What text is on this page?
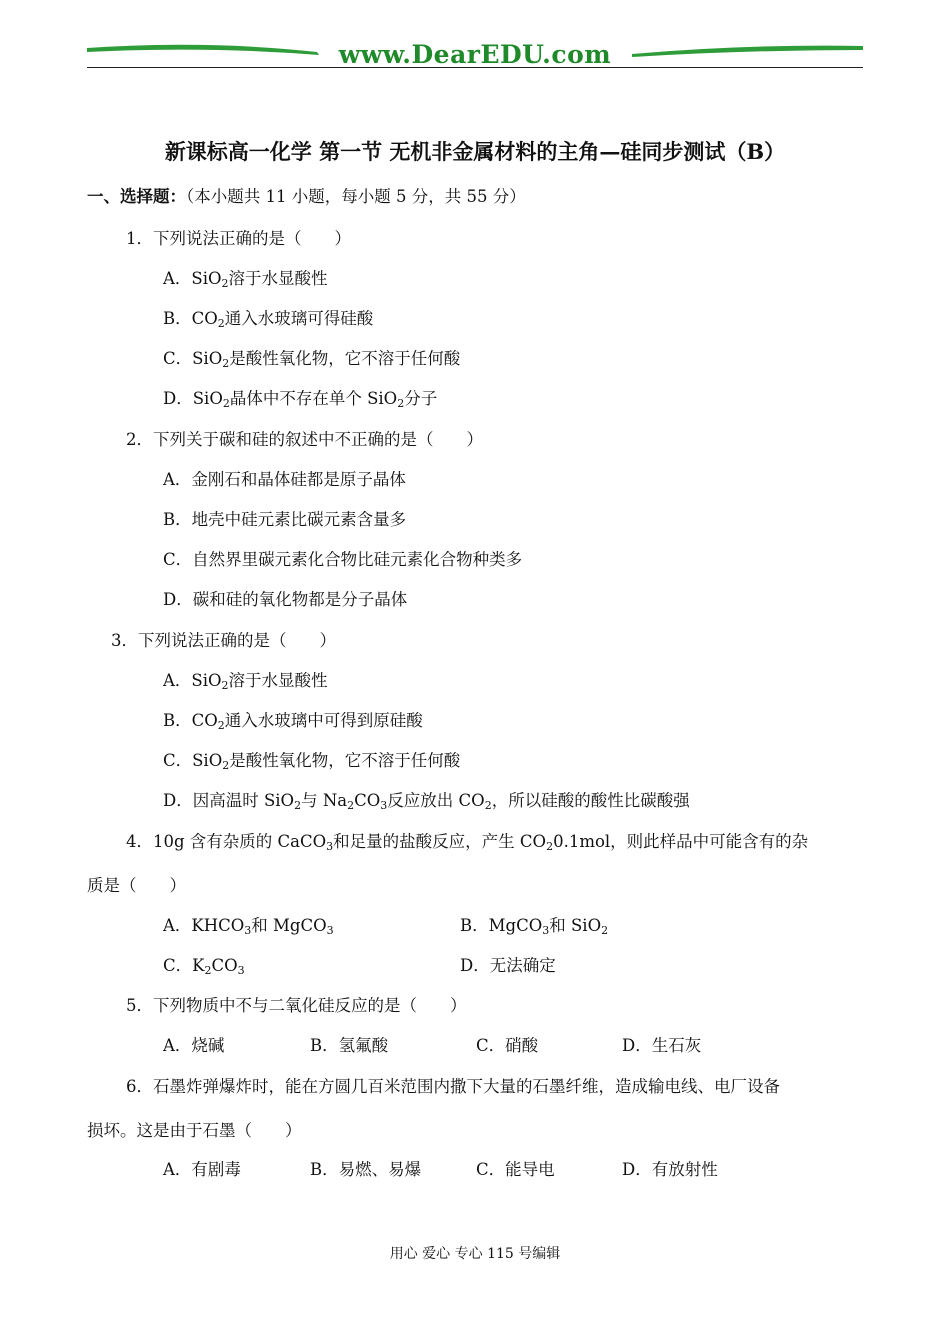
www.DearEDU.com
新课标高一化学 第一节 无机非金属材料的主角—硅同步测试（B）
一、选择题：（本小题共 11 小题，每小题 5 分，共 55 分）
1．下列说法正确的是（　　）
A．SiO$_2$溶于水显酸性
B．$CO_2$通入水玻璃可得硅酸
C．SiO$_2$是酸性氧化物，它不溶于任何酸
D．SiO$_2$晶体中不存在单个 SiO$_2$分子
2．下列关于碳和硅的叙述中不正确的是（　　）
A．金刚石和晶体硅都是原子晶体
B．地壳中硅元素比碳元素含量多
C．自然界里碳元素化合物比硅元素化合物种类多
D．碳和硅的氧化物都是分子晶体
3．下列说法正确的是（　　）
A．SiO$_2$溶于水显酸性
B．$CO_2$通入水玻璃中可得到原硅酸
C．SiO$_2$是酸性氧化物，它不溶于任何酸
D．因高温时 SiO$_2$与 $Na_2CO_3$反应放出 $CO_2$，所以硅酸的酸性比碳酸强
4．10g 含有杂质的 CaCO$_3$和足量的盐酸反应，产生 $CO_20.1mol$，则此样品中可能含有的杂
质是（　　）
A．$KHCO_3$和 MgCO$_3$	B．MgCO$_3$和 SiO$_2$
C．$K_2CO_3$	D．无法确定
5．下列物质中不与二氧化硅反应的是（　　）
A．烧碱	B．氢氟酸	C．硝酸	D．生石灰
6．石墨炸弹爆炸时，能在方圆几百米范围内撒下大量的石墨纤维，造成输电线、电厂设备
损坏。这是由于石墨（　　）
A．有剧毒	B．易燃、易爆	C．能导电	D．有放射性
用心 爱心 专心 115 号编辑
